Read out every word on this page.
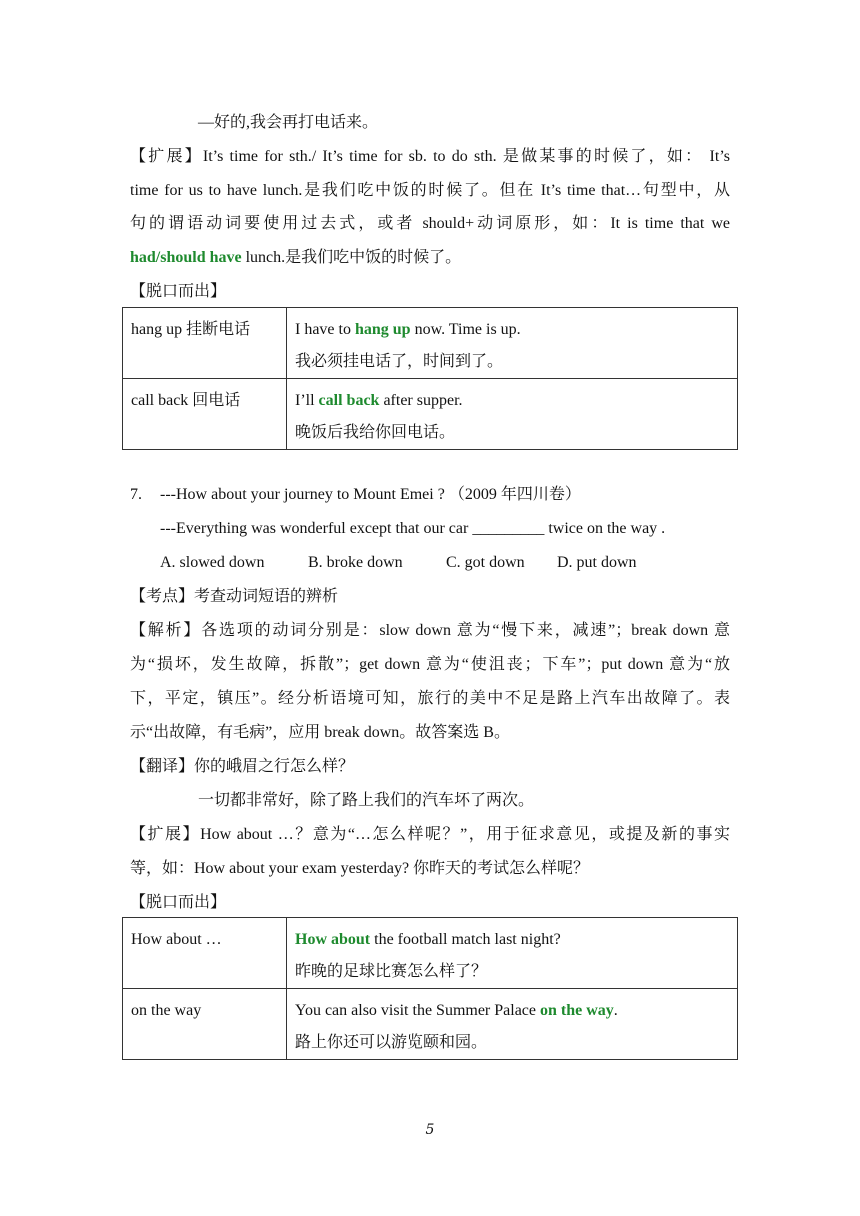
—好的,我会再打电话来。
【扩展】It’s time for sth./ It’s time for sb. to do sth. 是做某事的时候了，如： It’s
time for us to have lunch.是我们吃中饭的时候了。但在 It’s time that…句型中，从
句的谓语动词要使用过去式，或者 should+动词原形，如：It is time that we
had/should have lunch.是我们吃中饭的时候了。
【脱口而出】
hang up 挂断电话	I have to hang up now. Time is up.
我必须挂电话了，时间到了。

call back 回电话	I’ll call back after supper.
晚饭后我给你回电话。
7.	---How about your journey to Mount Emei ? （2009 年四川卷）
---Everything was wonderful except that our car _________ twice on the way .
A. slowed down	B. broke down	C. got down	D. put down
【考点】考查动词短语的辨析
【解析】各选项的动词分别是：slow down 意为“慢下来，减速”；break down 意
为“损坏，发生故障，拆散”；get down 意为“使沮丧；下车”；put down 意为“放
下，平定，镇压”。经分析语境可知，旅行的美中不足是路上汽车出故障了。表
示“出故障，有毛病”，应用 break down。故答案选 B。
【翻译】你的峨眉之行怎么样？
一切都非常好，除了路上我们的汽车坏了两次。
【扩展】How about …？意为“…怎么样呢？”，用于征求意见，或提及新的事实
等，如：How about your exam yesterday? 你昨天的考试怎么样呢？
【脱口而出】
How about …	How about the football match last night?
昨晚的足球比赛怎么样了？

on the way	You can also visit the Summer Palace on the way.
路上你还可以游览颐和园。
5
